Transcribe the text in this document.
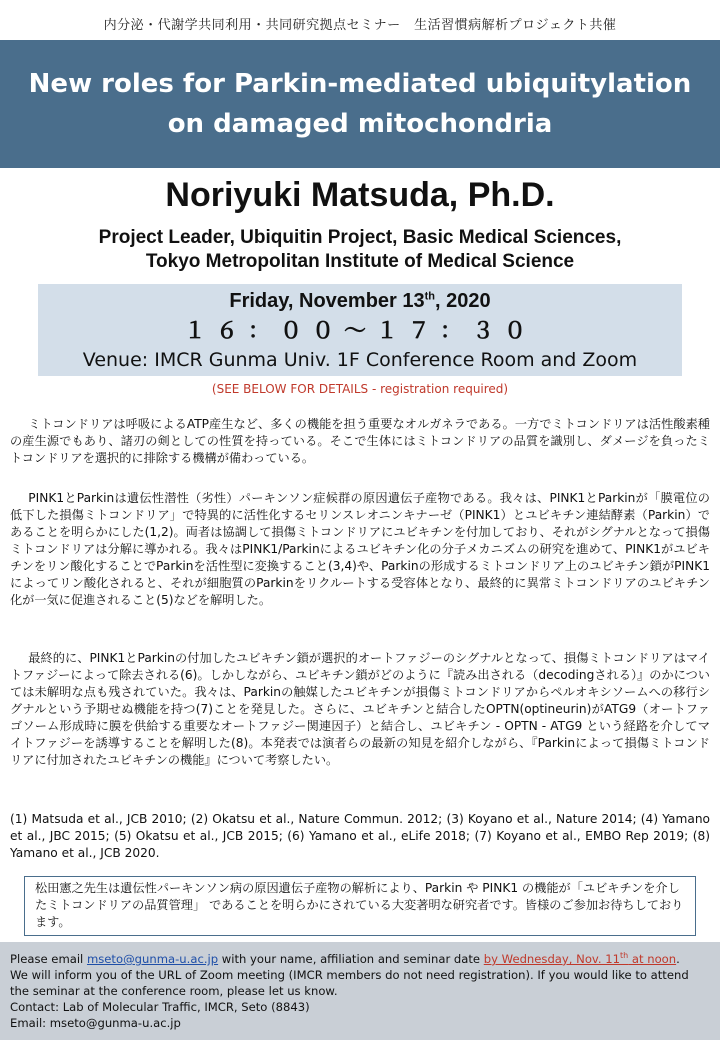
内分泌・代謝学共同利用・共同研究拠点セミナー　生活習慣病解析プロジェクト共催
New roles for Parkin-mediated ubiquitylation
on damaged mitochondria
Noriyuki Matsuda, Ph.D.
Project Leader, Ubiquitin Project, Basic Medical Sciences,
Tokyo Metropolitan Institute of Medical Science
Friday, November 13th, 2020
１６：００～１７：３０
Venue: IMCR Gunma Univ. 1F Conference Room and Zoom
(SEE BELOW FOR DETAILS - registration required)
ミトコンドリアは呼吸によるATP産生など、多くの機能を担う重要なオルガネラである。一方でミトコンドリアは活性酸素種の産生源でもあり、諸刃の剣としての性質を持っている。そこで生体にはミトコンドリアの品質を識別し、ダメージを負ったミトコンドリアを選択的に排除する機構が備わっている。
PINK1とParkinは遺伝性潜性（劣性）パーキンソン症候群の原因遺伝子産物である。我々は、PINK1とParkinが「膜電位の低下した損傷ミトコンドリア」で特異的に活性化するセリンスレオニンキナーゼ（PINK1）とユビキチン連結酵素（Parkin）であることを明らかにした(1,2)。両者は協調して損傷ミトコンドリアにユビキチンを付加しており、それがシグナルとなって損傷ミトコンドリアは分解に導かれる。我々はPINK1/Parkinによるユビキチン化の分子メカニズムの研究を進めて、PINK1がユビキチンをリン酸化することでParkinを活性型に変換すること(3,4)や、Parkinの形成するミトコンドリア上のユビキチン鎖がPINK1によってリン酸化されると、それが細胞質のParkinをリクルートする受容体となり、最終的に異常ミトコンドリアのユビキチン化が一気に促進されること(5)などを解明した。
最終的に、PINK1とParkinの付加したユビキチン鎖が選択的オートファジーのシグナルとなって、損傷ミトコンドリアはマイトファジーによって除去される(6)。しかしながら、ユビキチン鎖がどのように『読み出される（decodingされる）』のかについては未解明な点も残されていた。我々は、Parkinの触媒したユビキチンが損傷ミトコンドリアからペルオキシソームへの移行シグナルという予期せぬ機能を持つ(7)ことを発見した。さらに、ユビキチンと結合したOPTN(optineurin)がATG9（オートファゴソーム形成時に膜を供給する重要なオートファジー関連因子）と結合し、ユビキチン - OPTN - ATG9 という経路を介してマイトファジーを誘導することを解明した(8)。本発表では演者らの最新の知見を紹介しながら、『Parkinによって損傷ミトコンドリアに付加されたユビキチンの機能』について考察したい。
(1) Matsuda et al., JCB 2010; (2) Okatsu et al., Nature Commun. 2012; (3) Koyano et al., Nature 2014; (4) Yamano et al., JBC 2015; (5) Okatsu et al., JCB 2015; (6) Yamano et al., eLife 2018; (7) Koyano et al., EMBO Rep 2019; (8) Yamano et al., JCB 2020.
松田憲之先生は遺伝性パーキンソン病の原因遺伝子産物の解析により、Parkin や PINK1 の機能が「ユビキチンを介したミトコンドリアの品質管理」 であることを明らかにされている大変著明な研究者です。皆様のご参加お待ちしております。
Please email mseto@gunma-u.ac.jp with your name, affiliation and seminar date by Wednesday, Nov. 11th at noon.
We will inform you of the URL of Zoom meeting (IMCR members do not need registration). If you would like to attend the seminar at the conference room, please let us know.
Contact: Lab of Molecular Traffic, IMCR, Seto (8843)
Email: mseto@gunma-u.ac.jp
